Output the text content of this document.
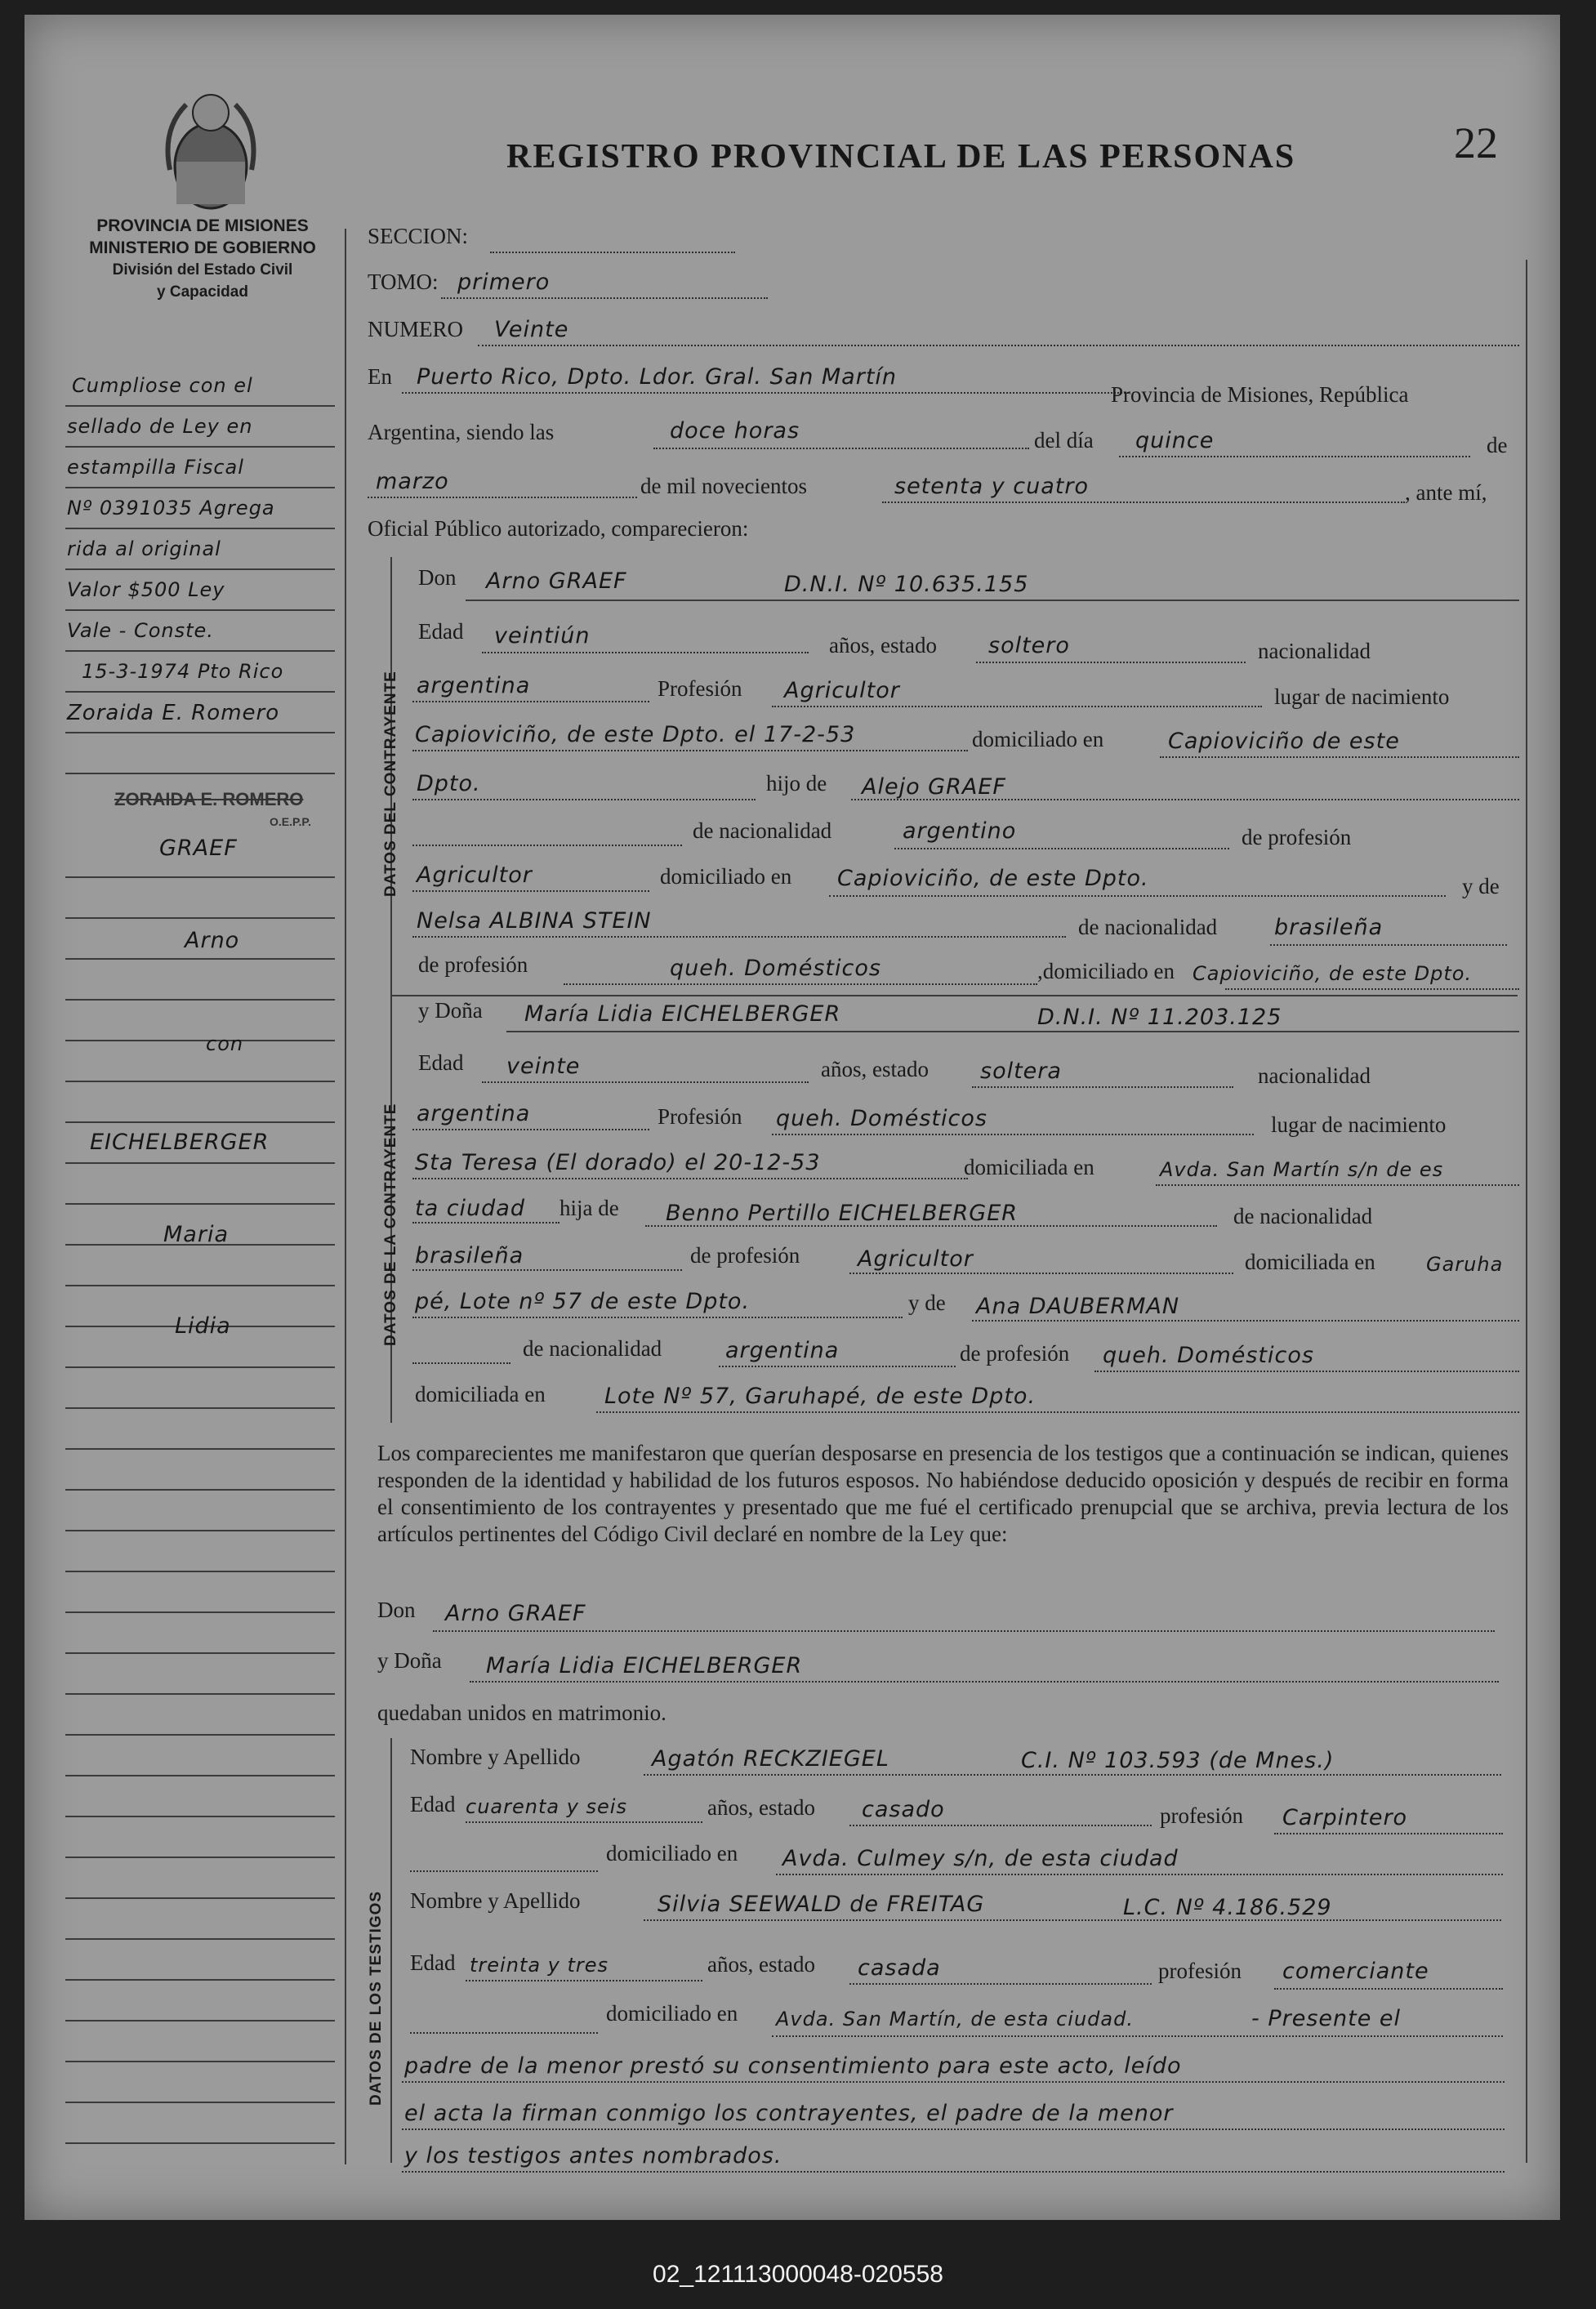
PROVINCIA DE MISIONES
MINISTERIO DE GOBIERNO
División del Estado Civil
y Capacidad
REGISTRO PROVINCIAL DE LAS PERSONAS	22
Cumpliose con el
sellado de Ley en
estampilla Fiscal
Nº 0391035 Agrega
rida al original
Valor $500 Ley
Vale - Conste.
15-3-1974 Pto Rico
Zoraida E. Romero
ZORAIDA E. ROMERO
O.E.P.P.
GRAEF
Arno
con
EICHELBERGER
Maria
Lidia
SECCION:
TOMO: primero
NUMERO Veinte
En Puerto Rico, Dpto. Ldor. Gral. San Martín
Provincia de Misiones, República
Argentina, siendo las	doce horas	del día quince	de
marzo	de mil novecientos	setenta y cuatro	, ante mí,
Oficial Público autorizado, comparecieron:
DATOS DEL CONTRAYENTE
DATOS DE LA CONTRAYENTE
Don Arno GRAEF	D.N.I. Nº 10.635.155
Edad veintiún	años, estado soltero	nacionalidad
argentina	Profesión Agricultor	lugar de nacimiento
Capioviciño, de este Dpto. el 17-2-53	domiciliado en	Capioviciño de este
Dpto.	hijo de Alejo GRAEF
de nacionalidad	argentino	de profesión
Agricultor	domiciliado en Capioviciño, de este Dpto.	y de
Nelsa ALBINA STEIN	de nacionalidad	brasileña
de profesión	queh. Domésticos	,domiciliado en Capioviciño, de este Dpto.
y Doña María Lidia EICHELBERGER	D.N.I. Nº 11.203.125
Edad veinte	años, estado soltera	nacionalidad
argentina	Profesión queh. Domésticos	lugar de nacimiento
Sta Teresa (El dorado) el 20-12-53	domiciliada en	Avda. San Martín s/n de es
ta ciudad hija de Benno Pertillo EICHELBERGER	de nacionalidad
brasileña	de profesión	Agricultor	domiciliada en	Garuha
pé, Lote nº 57 de este Dpto.	y de Ana DAUBERMAN
de nacionalidad	argentina	de profesión queh. Domésticos
domiciliada en	Lote Nº 57, Garuhapé, de este Dpto.
Los comparecientes me manifestaron que querían desposarse en presencia de los testigos que a continuación se indican, quienes responden de la identidad y habilidad de los futuros esposos. No habiéndose deducido oposición y después de recibir en forma el consentimiento de los contrayentes y presentado que me fué el certificado prenupcial que se archiva, previa lectura de los artículos pertinentes del Código Civil declaré en nombre de la Ley que:
Don Arno GRAEF
y Doña María Lidia EICHELBERGER
quedaban unidos en matrimonio.
DATOS DE LOS TESTIGOS
Nombre y Apellido	Agatón RECKZIEGEL	C.I. Nº 103.593 (de Mnes.)
Edad cuarenta y seis	años, estado casado	profesión Carpintero
domiciliado en Avda. Culmey s/n, de esta ciudad
Nombre y Apellido	Silvia SEEWALD de FREITAG	L.C. Nº 4.186.529
Edad treinta y tres	años, estado casada	profesión comerciante
domiciliado en Avda. San Martín, de esta ciudad.	- Presente el
padre de la menor prestó su consentimiento para este acto, leído
el acta la firman conmigo los contrayentes, el padre de la menor
y los testigos antes nombrados.
02_121113000048-020558
